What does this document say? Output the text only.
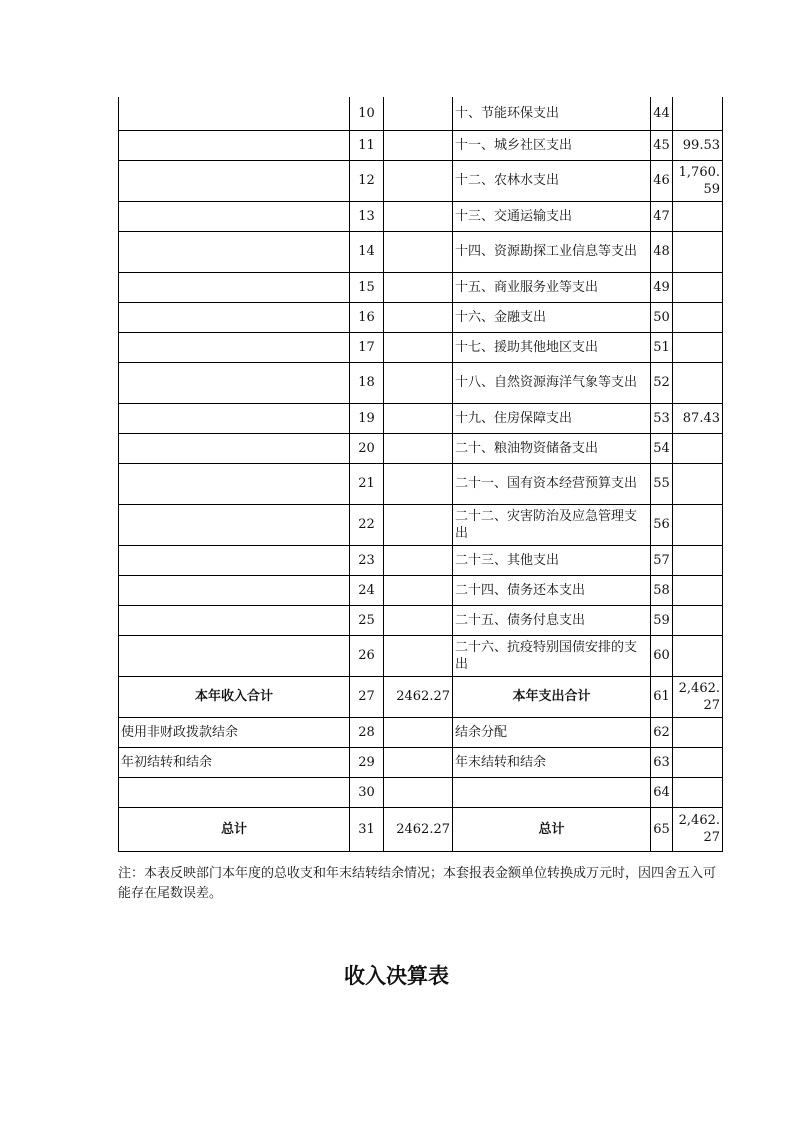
	10		十、节能环保支出	44	
	11		十一、城乡社区支出	45	99.53
	12		十二、农林水支出	46	1,760.59
	13		十三、交通运输支出	47	
	14		十四、资源勘探工业信息等支出	48	
	15		十五、商业服务业等支出	49	
	16		十六、金融支出	50	
	17		十七、援助其他地区支出	51	
	18		十八、自然资源海洋气象等支出	52	
	19		十九、住房保障支出	53	87.43
	20		二十、粮油物资储备支出	54	
	21		二十一、国有资本经营预算支出	55	
	22		二十二、灾害防治及应急管理支出	56	
	23		二十三、其他支出	57	
	24		二十四、债务还本支出	58	
	25		二十五、债务付息支出	59	
	26		二十六、抗疫特别国债安排的支出	60	
本年收入合计	27	2462.27	本年支出合计	61	2,462.27
使用非财政拨款结余	28		结余分配	62	
年初结转和结余	29		年末结转和结余	63	
	30			64	
总计	31	2462.27	总计	65	2,462.27
注：本表反映部门本年度的总收支和年末结转结余情况；本套报表金额单位转换成万元时，因四舍五入可能存在尾数误差。
收入决算表
